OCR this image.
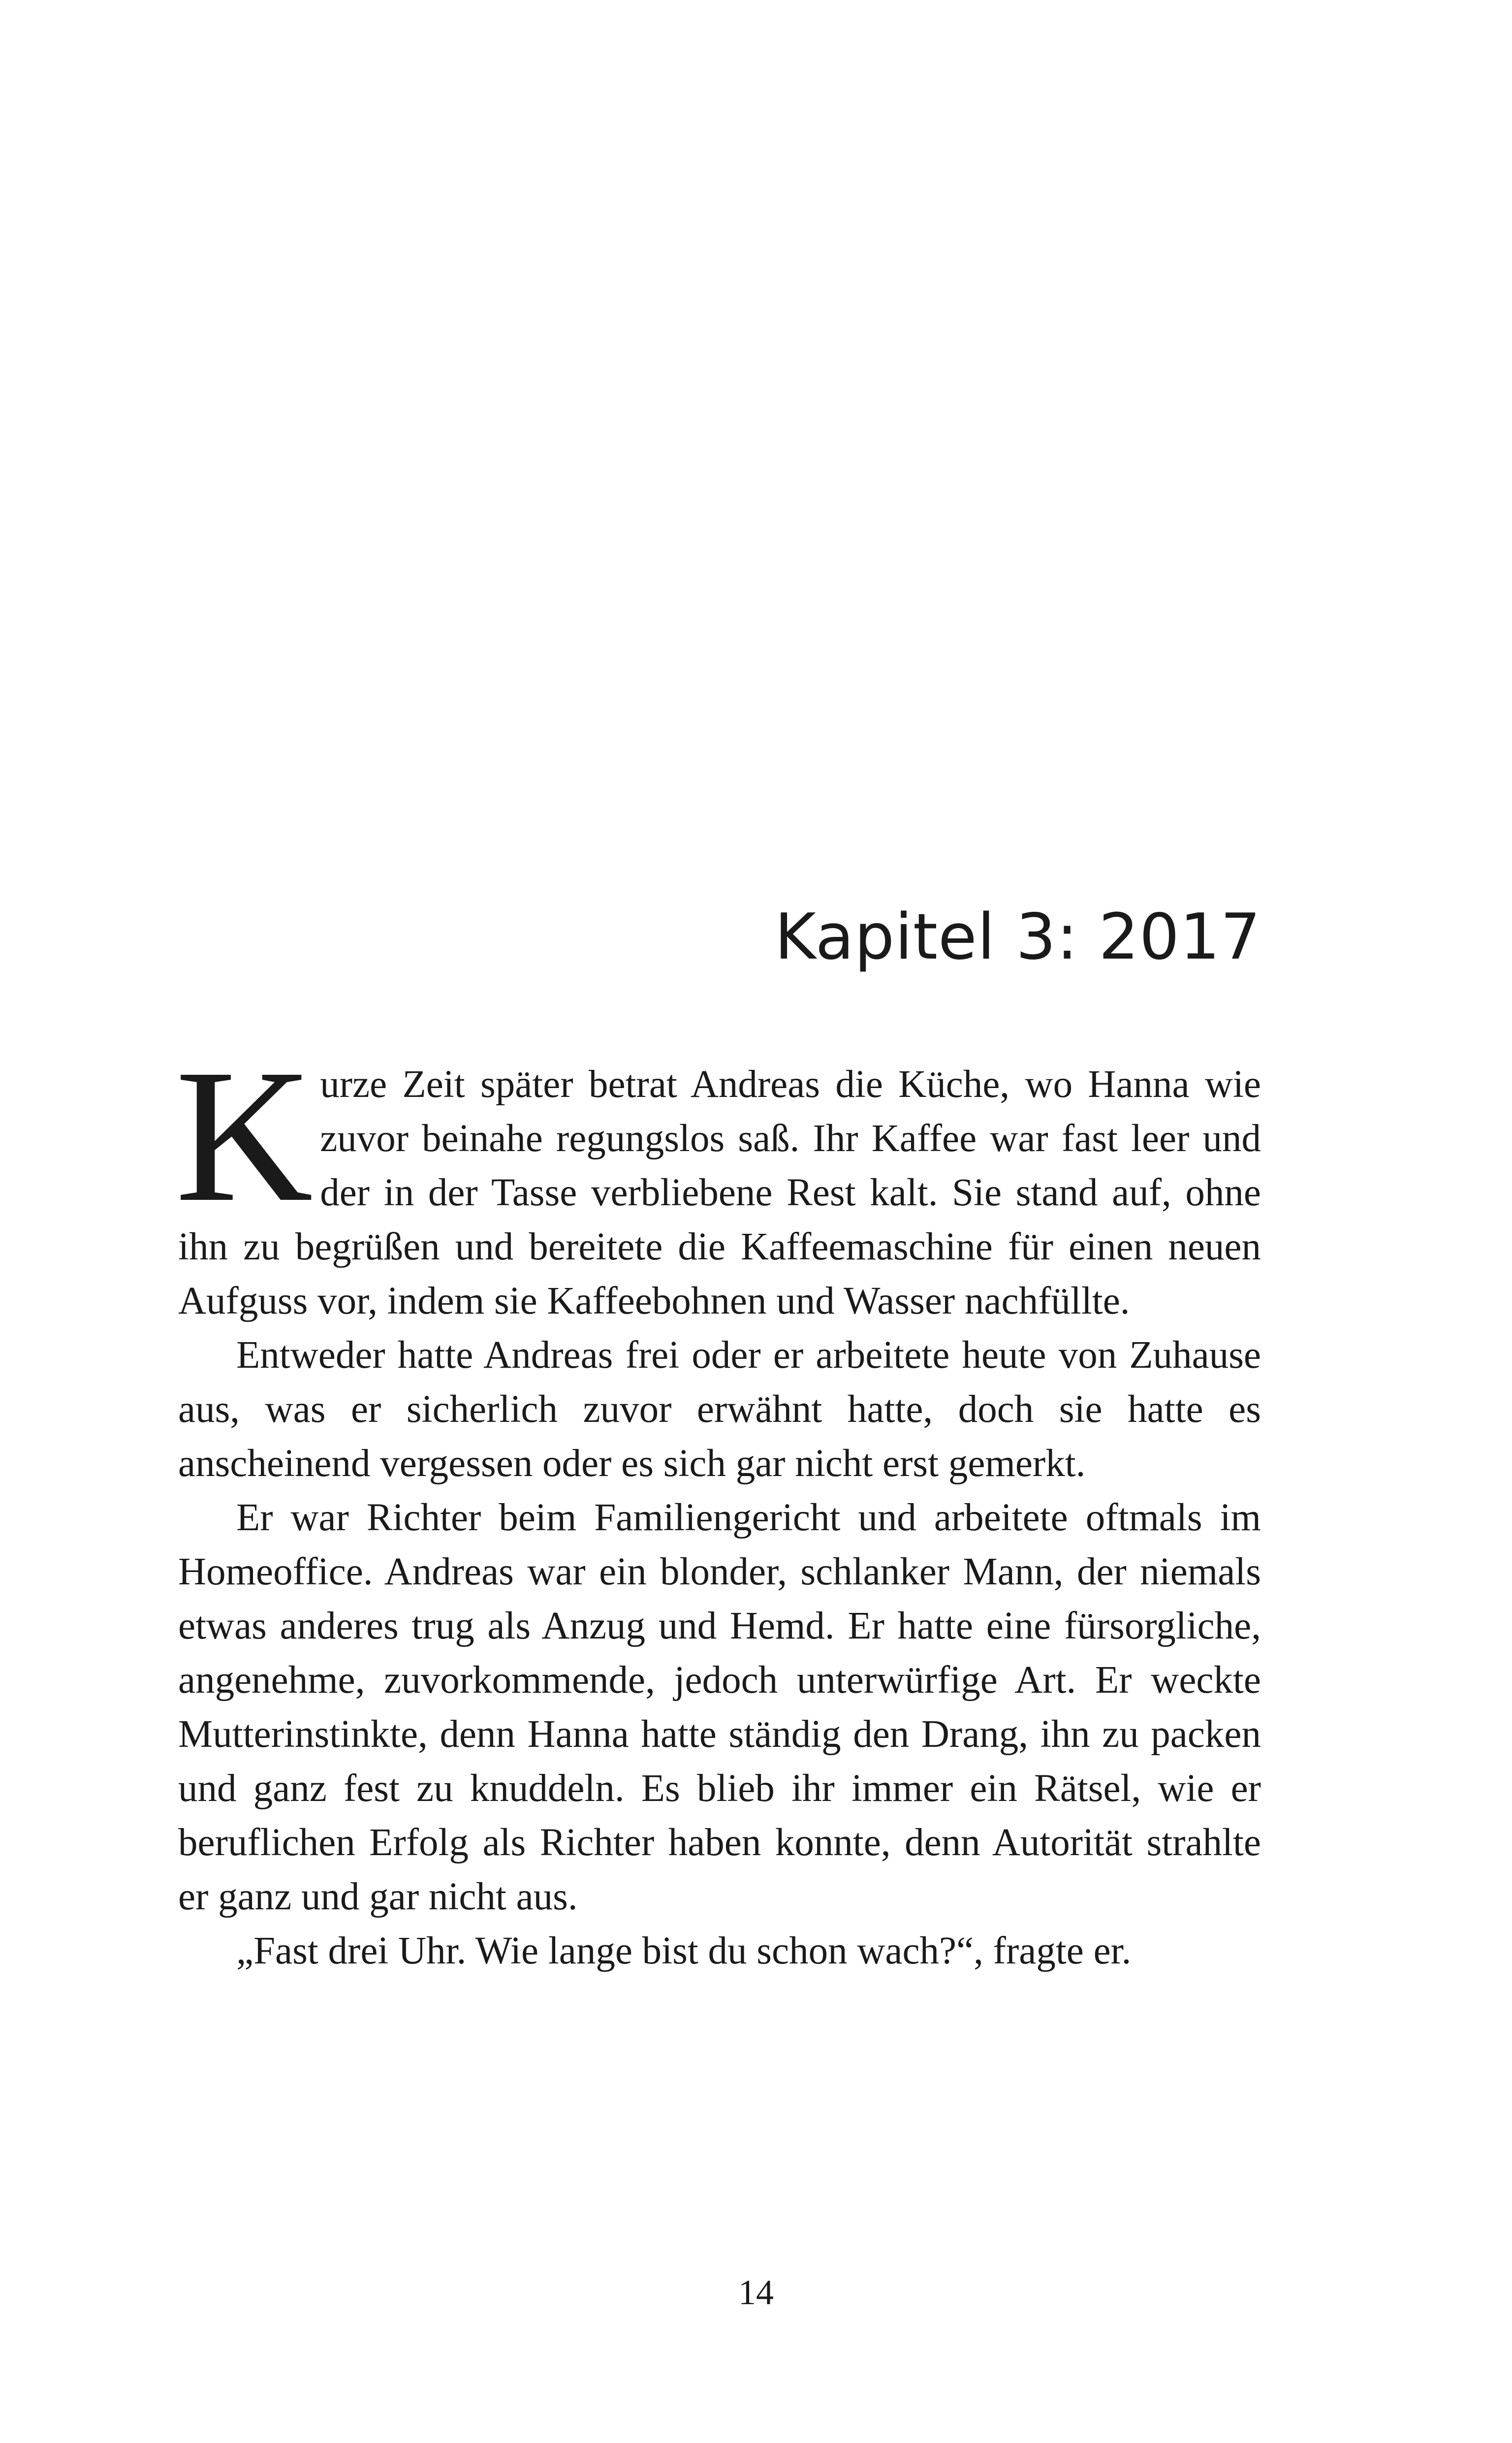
Kapitel 3: 2017

Kurze Zeit später betrat Andreas die Küche, wo Hanna wie zuvor beinahe regungslos saß. Ihr Kaffee war fast leer und der in der Tasse verbliebene Rest kalt. Sie stand auf, ohne ihn zu begrüßen und bereitete die Kaffeemaschine für einen neuen Aufguss vor, indem sie Kaffeebohnen und Wasser nachfüllte.

Entweder hatte Andreas frei oder er arbeitete heute von Zuhause aus, was er sicherlich zuvor erwähnt hatte, doch sie hatte es anscheinend vergessen oder es sich gar nicht erst gemerkt.

Er war Richter beim Familiengericht und arbeitete oftmals im Homeoffice. Andreas war ein blonder, schlanker Mann, der niemals etwas anderes trug als Anzug und Hemd. Er hatte eine fürsorgliche, angenehme, zuvorkommende, jedoch unterwürfige Art. Er weckte Mutterinstinkte, denn Hanna hatte ständig den Drang, ihn zu packen und ganz fest zu knuddeln. Es blieb ihr immer ein Rätsel, wie er beruflichen Erfolg als Richter haben konnte, denn Autorität strahlte er ganz und gar nicht aus.

„Fast drei Uhr. Wie lange bist du schon wach?“, fragte er.

14
